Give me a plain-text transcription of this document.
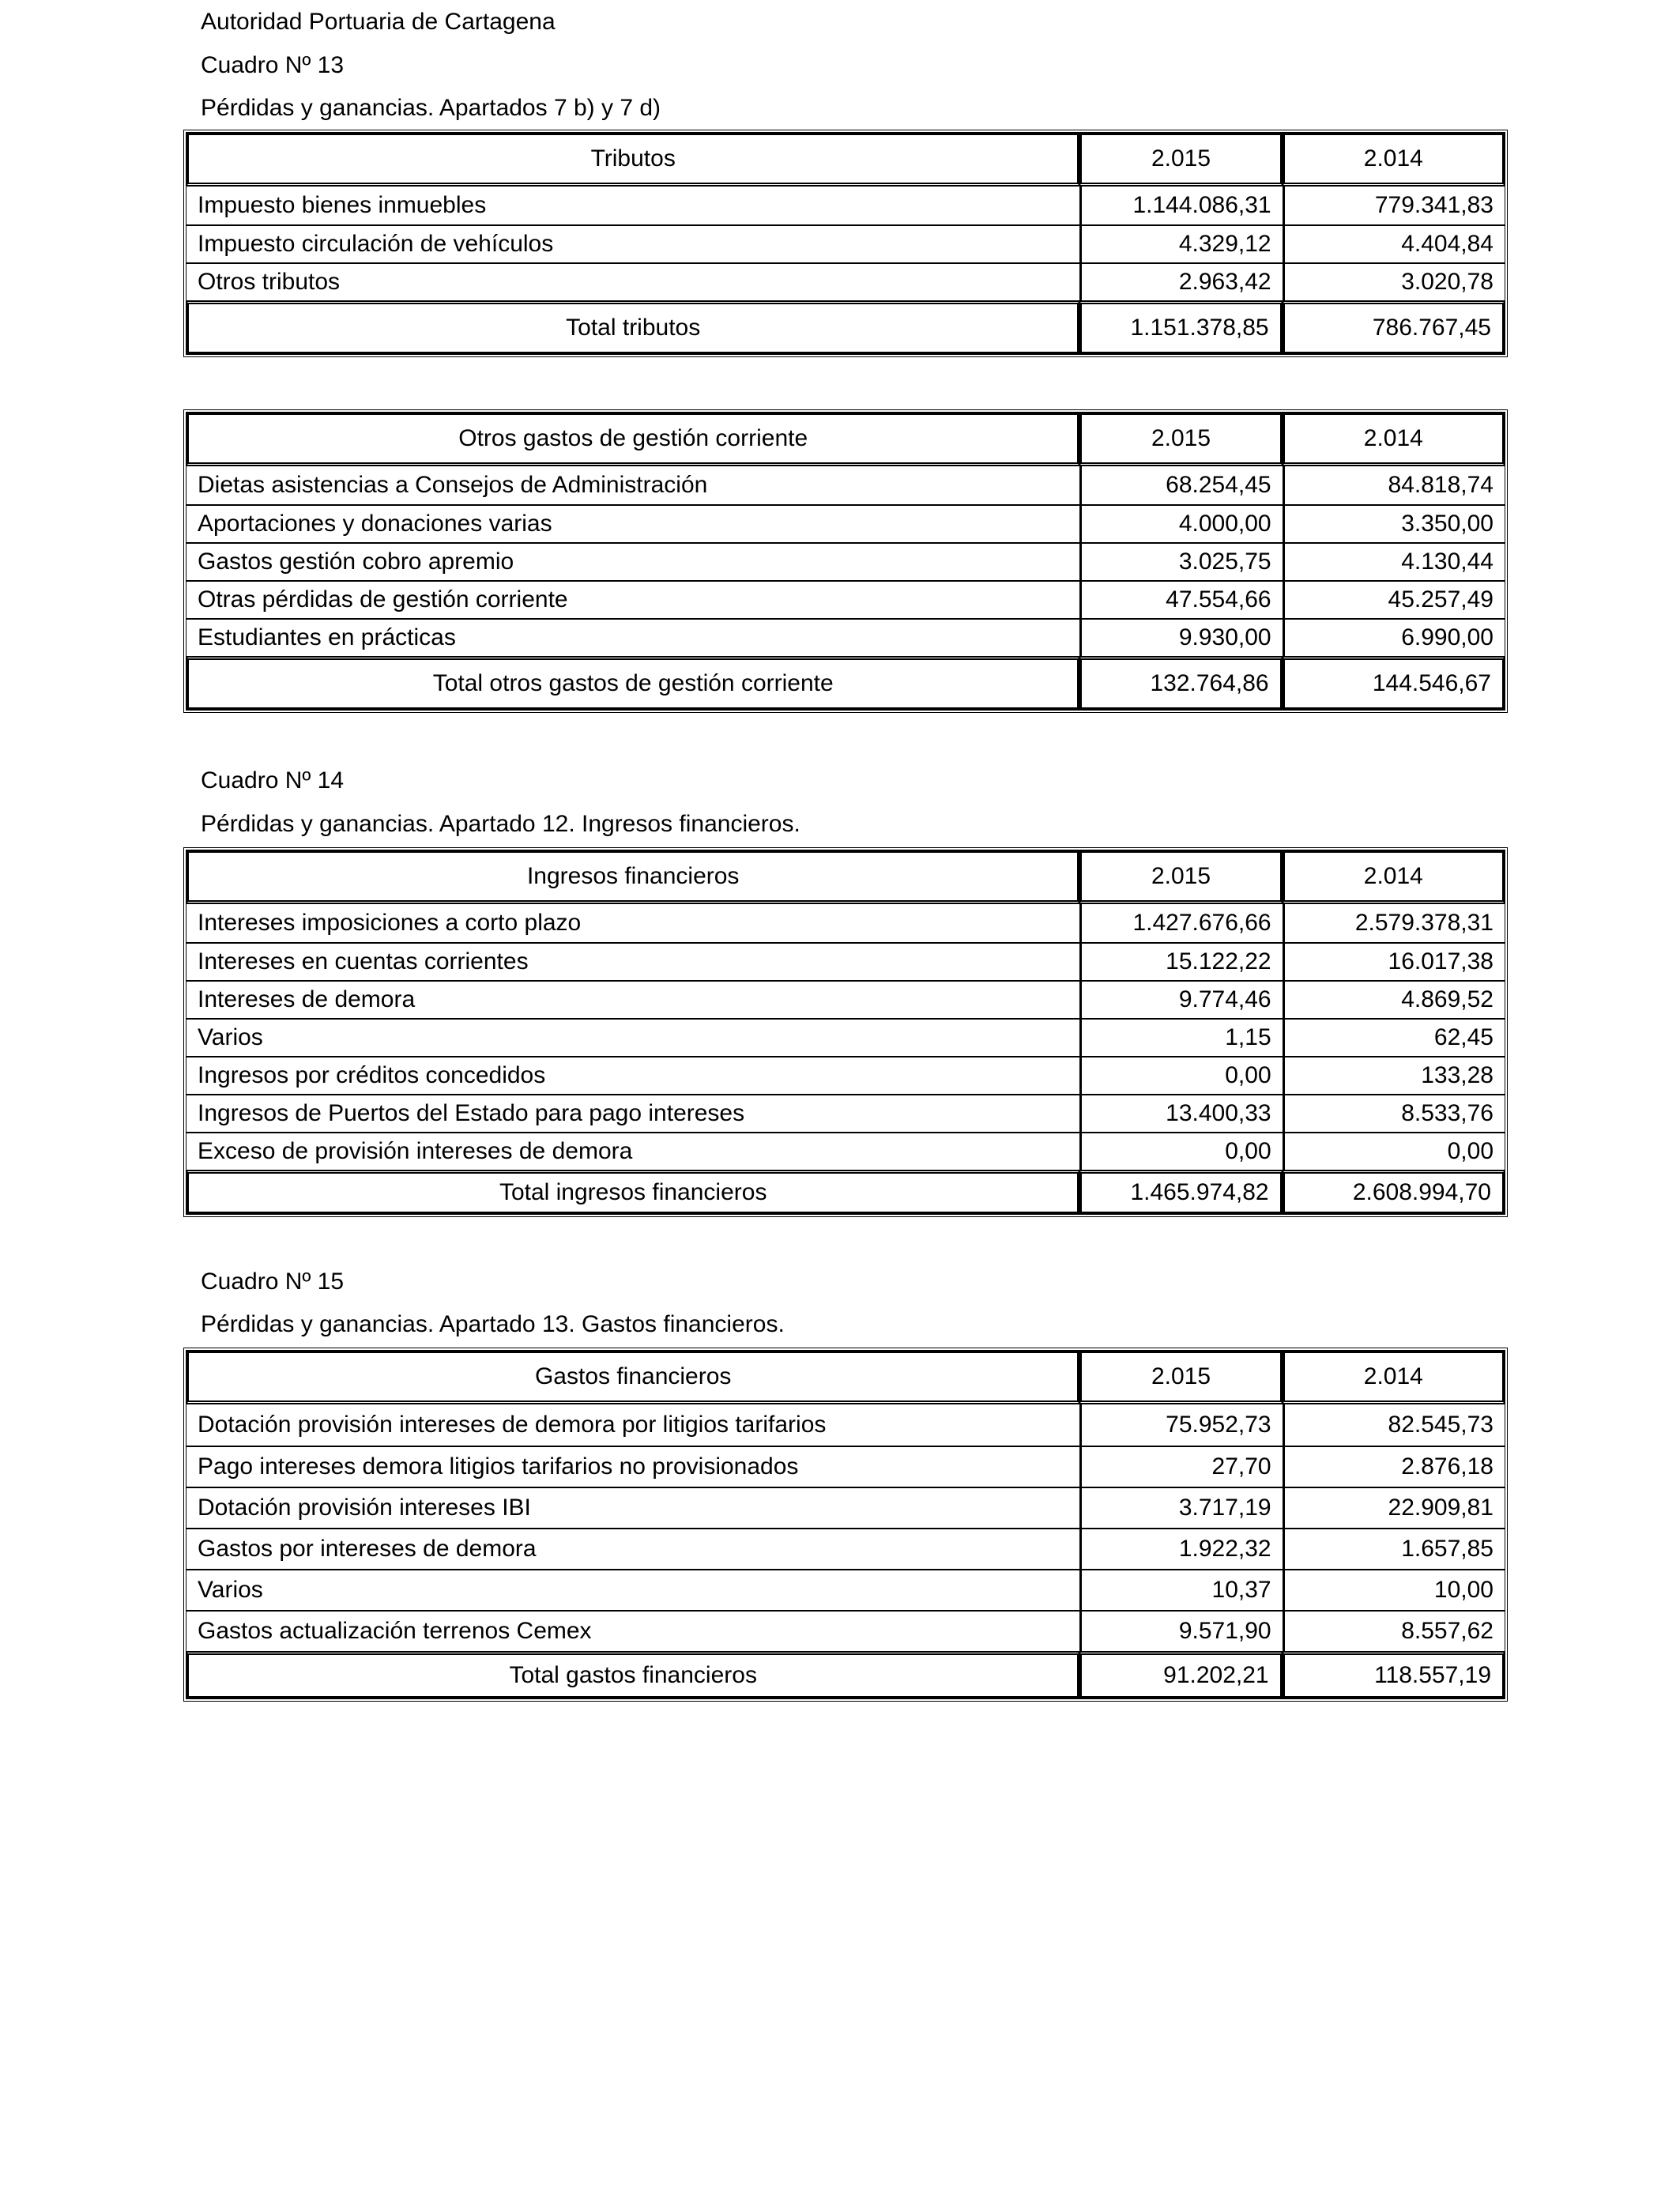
Autoridad Portuaria de Cartagena
Cuadro Nº 13
Pérdidas y ganancias. Apartados 7 b) y 7 d)
Tributos	2.015	2.014
Impuesto bienes inmuebles	1.144.086,31	779.341,83
Impuesto circulación de vehículos	4.329,12	4.404,84
Otros tributos	2.963,42	3.020,78
Total tributos	1.151.378,85	786.767,45
Otros gastos de gestión corriente	2.015	2.014
Dietas asistencias a Consejos de Administración	68.254,45	84.818,74
Aportaciones y donaciones varias	4.000,00	3.350,00
Gastos gestión cobro apremio	3.025,75	4.130,44
Otras pérdidas de gestión corriente	47.554,66	45.257,49
Estudiantes en prácticas	9.930,00	6.990,00
Total otros gastos de gestión corriente	132.764,86	144.546,67
Cuadro Nº 14
Pérdidas y ganancias. Apartado 12. Ingresos financieros.
Ingresos financieros	2.015	2.014
Intereses imposiciones a corto plazo	1.427.676,66	2.579.378,31
Intereses en cuentas corrientes	15.122,22	16.017,38
Intereses de demora	9.774,46	4.869,52
Varios	1,15	62,45
Ingresos por créditos concedidos	0,00	133,28
Ingresos de Puertos del Estado para pago intereses	13.400,33	8.533,76
Exceso de provisión intereses de demora	0,00	0,00
Total ingresos financieros	1.465.974,82	2.608.994,70
Cuadro Nº 15
Pérdidas y ganancias. Apartado 13. Gastos financieros.
Gastos financieros	2.015	2.014
Dotación provisión intereses de demora por litigios tarifarios	75.952,73	82.545,73
Pago intereses demora litigios tarifarios no provisionados	27,70	2.876,18
Dotación provisión intereses IBI	3.717,19	22.909,81
Gastos por intereses de demora	1.922,32	1.657,85
Varios	10,37	10,00
Gastos actualización terrenos Cemex	9.571,90	8.557,62
Total gastos financieros	91.202,21	118.557,19
